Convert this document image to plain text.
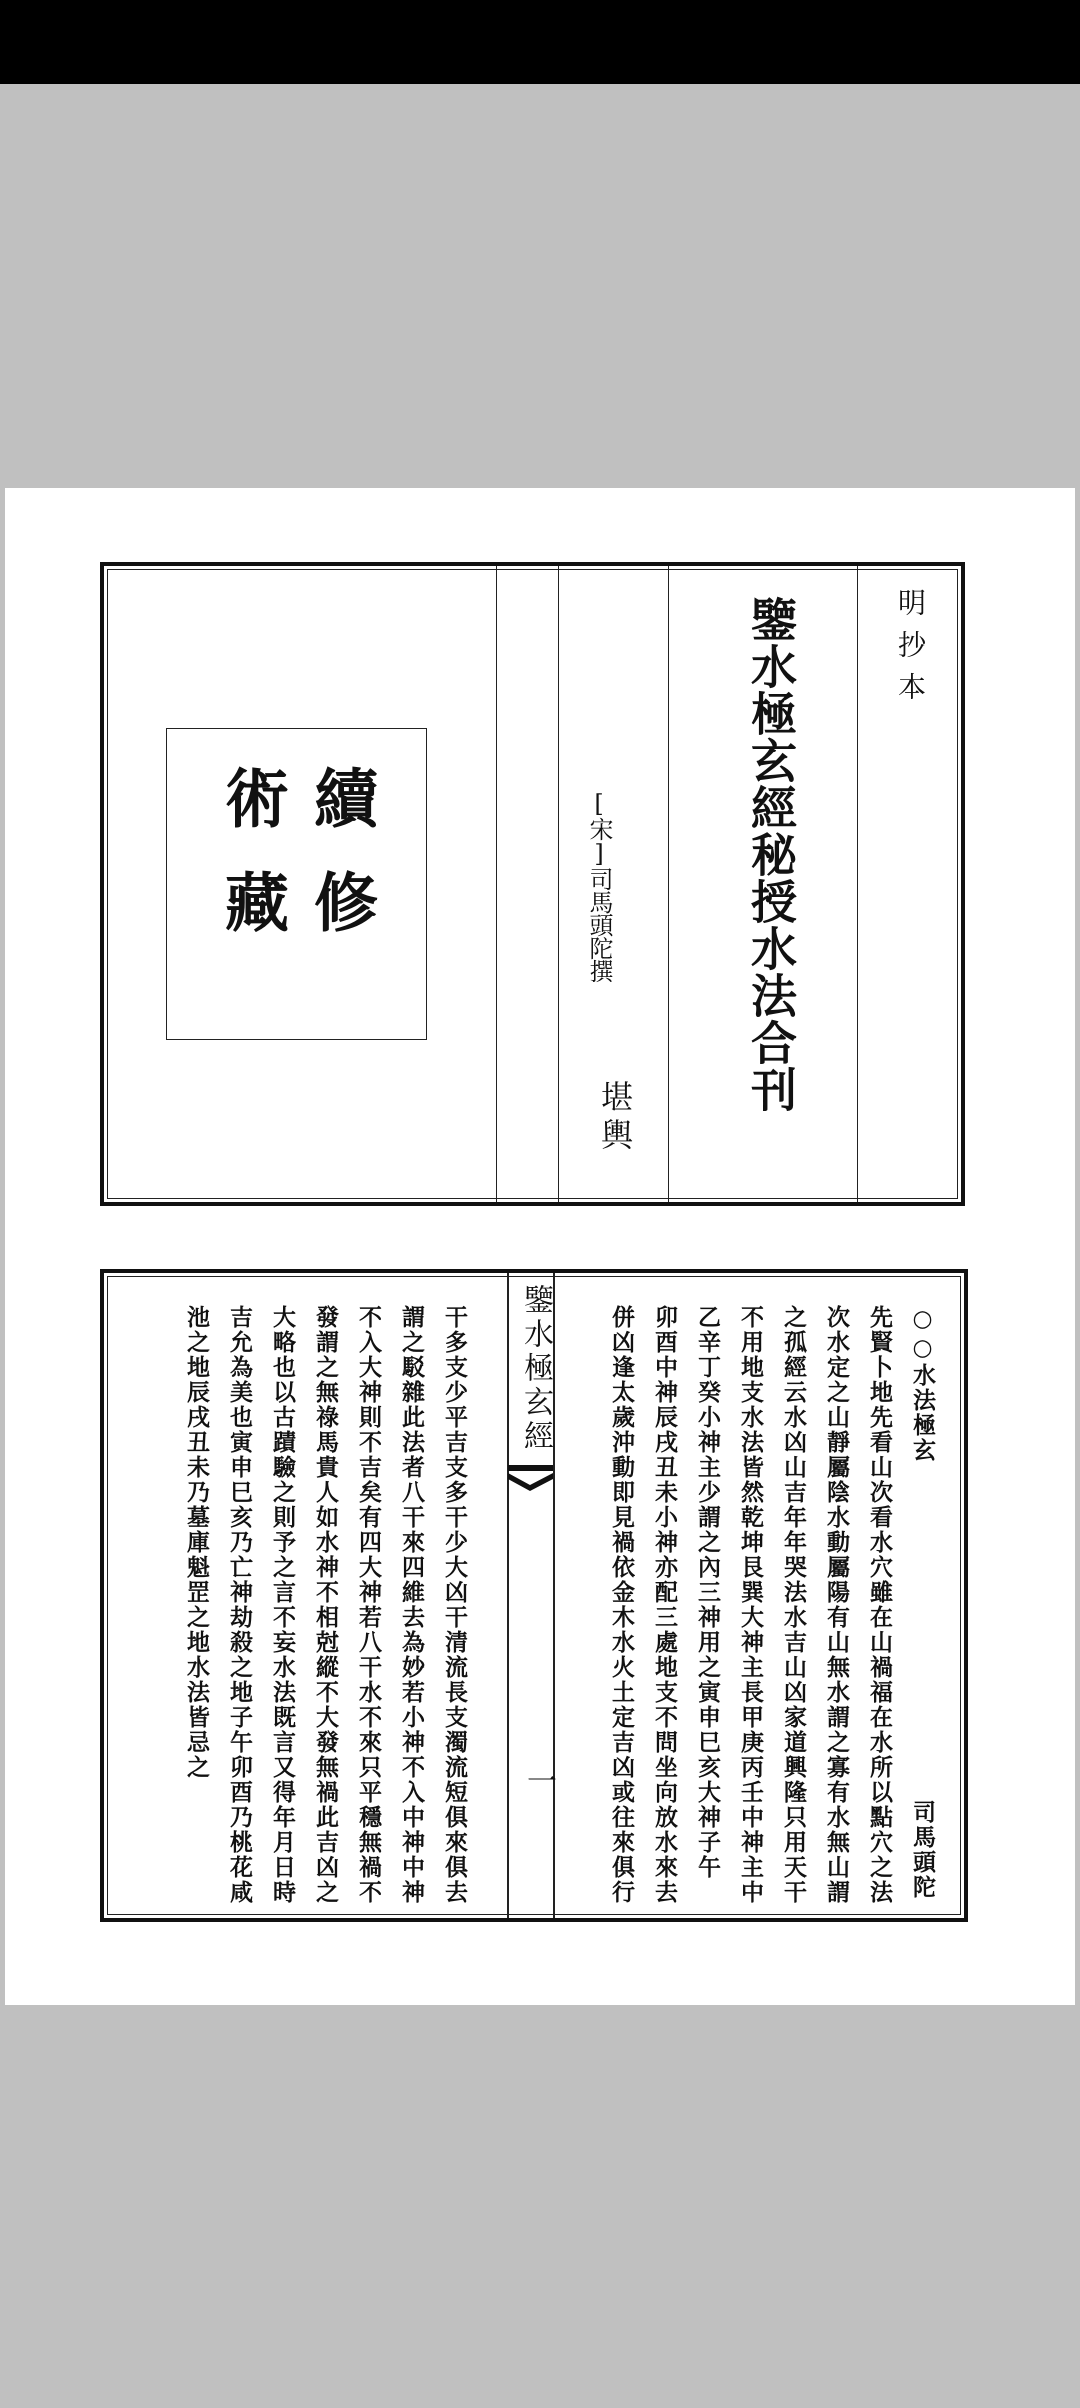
明抄本
鑒水極玄經秘授水法合刊
[宋]司馬頭陀撰
堪輿
續修
術藏
鑒水極玄經
一
○○水法極玄
司馬頭陀
先賢卜地先看山次看水穴雖在山禍福在水所以點穴之法
次水定之山靜屬陰水動屬陽有山無水謂之寡有水無山謂
之孤經云水凶山吉年年哭法水吉山凶家道興隆只用天干
不用地支水法皆然乾坤艮巽大神主長甲庚丙壬中神主中
乙辛丁癸小神主少謂之內三神用之寅申巳亥大神子午
卯酉中神辰戌丑未小神亦配三處地支不問坐向放水來去
併凶逢太歲沖動即見禍依金木水火土定吉凶或往來俱行
干多支少平吉支多干少大凶干清流長支濁流短俱來俱去
謂之駁雜此法者八干來四維去為妙若小神不入中神中神
不入大神則不吉矣有四大神若八干水不來只平穩無禍不
發謂之無祿馬貴人如水神不相尅縱不大發無禍此吉凶之
大略也以古蹟驗之則予之言不妄水法既言又得年月日時
吉允為美也寅申巳亥乃亡神劫殺之地子午卯酉乃桃花咸
池之地辰戌丑未乃墓庫魁罡之地水法皆忌之
